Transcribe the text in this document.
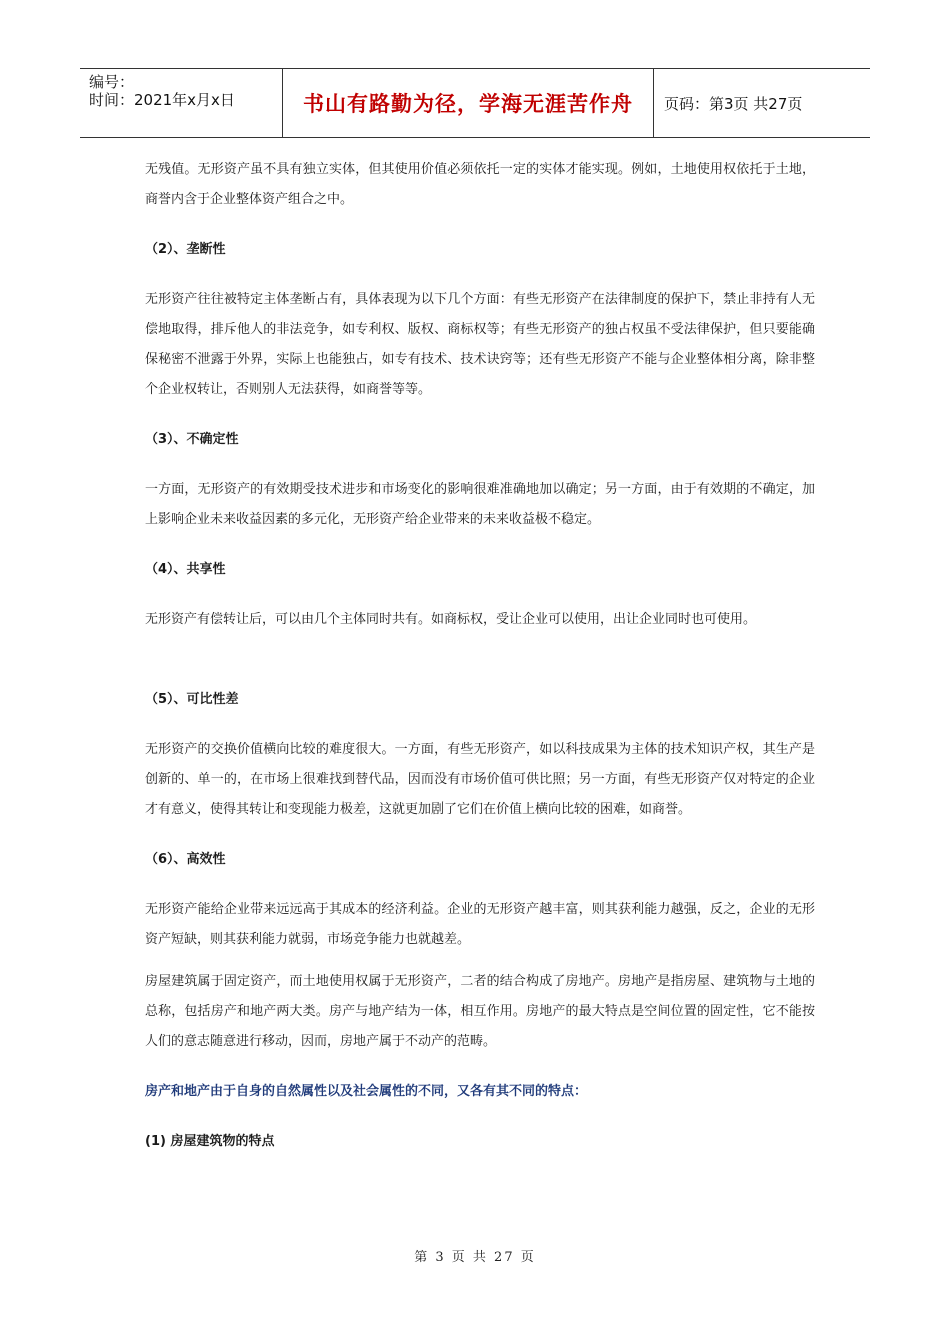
编号：
时间：2021年x月x日	书山有路勤为径，学海无涯苦作舟	页码：第3页 共27页

无残值。无形资产虽不具有独立实体，但其使用价值必须依托一定的实体才能实现。例如，土地使用权依托于土地，商誉内含于企业整体资产组合之中。

（2）、垄断性

无形资产往往被特定主体垄断占有，具体表现为以下几个方面：有些无形资产在法律制度的保护下，禁止非持有人无偿地取得，排斥他人的非法竞争，如专利权、版权、商标权等；有些无形资产的独占权虽不受法律保护，但只要能确保秘密不泄露于外界，实际上也能独占，如专有技术、技术诀窍等；还有些无形资产不能与企业整体相分离，除非整个企业权转让，否则别人无法获得，如商誉等等。

（3）、不确定性

一方面，无形资产的有效期受技术进步和市场变化的影响很难准确地加以确定；另一方面，由于有效期的不确定，加上影响企业未来收益因素的多元化，无形资产给企业带来的未来收益极不稳定。

（4）、共享性

无形资产有偿转让后，可以由几个主体同时共有。如商标权，受让企业可以使用，出让企业同时也可使用。

（5）、可比性差

无形资产的交换价值横向比较的难度很大。一方面，有些无形资产，如以科技成果为主体的技术知识产权，其生产是创新的、单一的，在市场上很难找到替代品，因而没有市场价值可供比照；另一方面，有些无形资产仅对特定的企业才有意义，使得其转让和变现能力极差，这就更加剧了它们在价值上横向比较的困难，如商誉。

（6）、高效性

无形资产能给企业带来远远高于其成本的经济利益。企业的无形资产越丰富，则其获利能力越强，反之，企业的无形资产短缺，则其获利能力就弱，市场竞争能力也就越差。

房屋建筑属于固定资产，而土地使用权属于无形资产，二者的结合构成了房地产。房地产是指房屋、建筑物与土地的总称，包括房产和地产两大类。房产与地产结为一体，相互作用。房地产的最大特点是空间位置的固定性，它不能按人们的意志随意进行移动，因而，房地产属于不动产的范畴。

房产和地产由于自身的自然属性以及社会属性的不同，又各有其不同的特点：

(1) 房屋建筑物的特点
第 3 页 共 27 页
